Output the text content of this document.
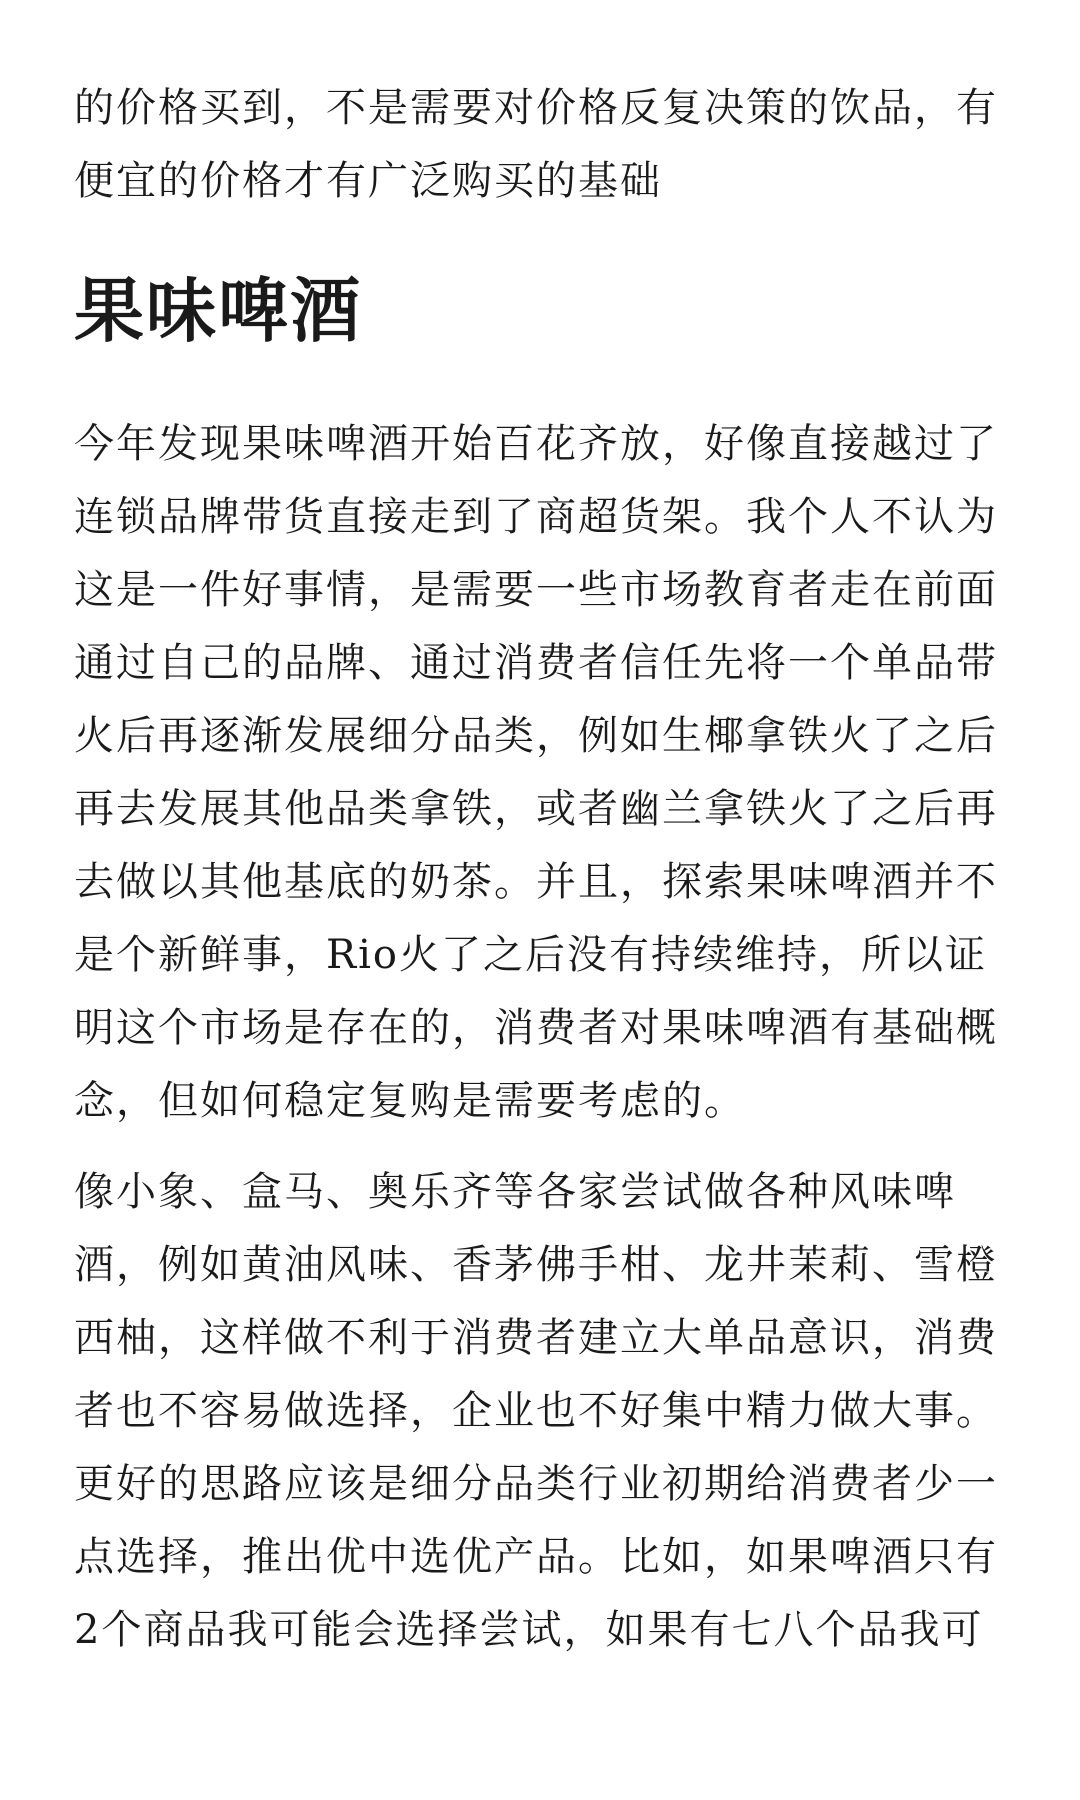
的价格买到，不是需要对价格反复决策的饮品，有
便宜的价格才有广泛购买的基础

果味啤酒

今年发现果味啤酒开始百花齐放，好像直接越过了
连锁品牌带货直接走到了商超货架。我个人不认为
这是一件好事情，是需要一些市场教育者走在前面
通过自己的品牌、通过消费者信任先将一个单品带
火后再逐渐发展细分品类，例如生椰拿铁火了之后
再去发展其他品类拿铁，或者幽兰拿铁火了之后再
去做以其他基底的奶茶。并且，探索果味啤酒并不
是个新鲜事，Rio火了之后没有持续维持，所以证
明这个市场是存在的，消费者对果味啤酒有基础概
念，但如何稳定复购是需要考虑的。

像小象、盒马、奥乐齐等各家尝试做各种风味啤
酒，例如黄油风味、香茅佛手柑、龙井茉莉、雪橙
西柚，这样做不利于消费者建立大单品意识，消费
者也不容易做选择，企业也不好集中精力做大事。
更好的思路应该是细分品类行业初期给消费者少一
点选择，推出优中选优产品。比如，如果啤酒只有
2个商品我可能会选择尝试，如果有七八个品我可
